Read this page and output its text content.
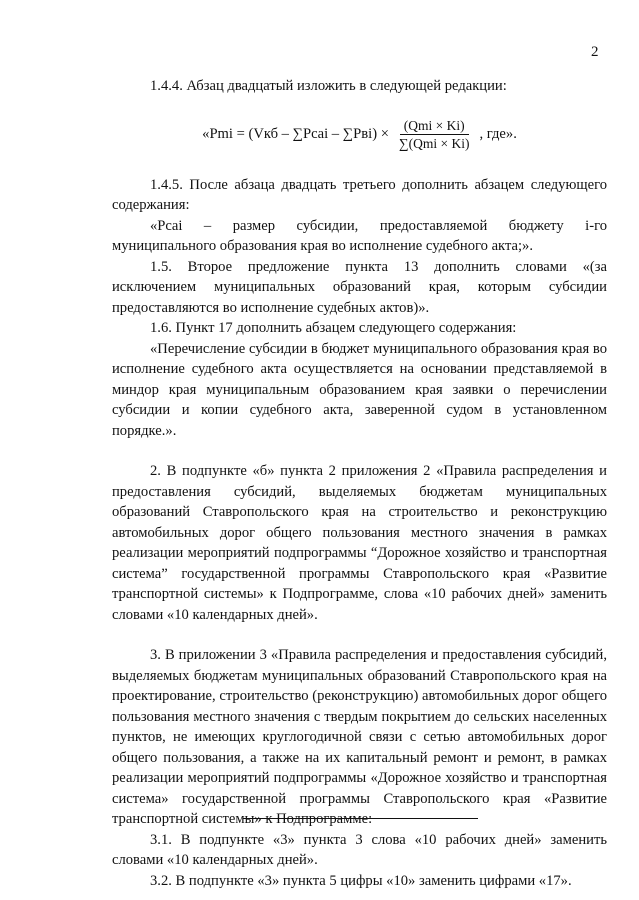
2

1.4.4. Абзац двадцатый изложить в следующей редакции:

«Pmi = (Vкб – ∑Pcai – $\sum Pвi) \times \frac{\text{(Qmi × Ki)}}{\text{∑(Qmi × Ki)}}$ , где».

1.4.5. После абзаца двадцать третьего дополнить абзацем следующего содержания:

«Pcai – размер субсидии, предоставляемой бюджету i-го муниципального образования края во исполнение судебного акта;».

1.5. Второе предложение пункта 13 дополнить словами «(за исключением муниципальных образований края, которым субсидии предоставляются во исполнение судебных актов)».

1.6. Пункт 17 дополнить абзацем следующего содержания:

«Перечисление субсидии в бюджет муниципального образования края во исполнение судебного акта осуществляется на основании представляемой в миндор края муниципальным образованием края заявки о перечислении субсидии и копии судебного акта, заверенной судом в установленном порядке.».

2. В подпункте «б» пункта 2 приложения 2 «Правила распределения и предоставления субсидий, выделяемых бюджетам муниципальных образований Ставропольского края на строительство и реконструкцию автомобильных дорог общего пользования местного значения в рамках реализации мероприятий подпрограммы “Дорожное хозяйство и транспортная система” государственной программы Ставропольского края «Развитие транспортной системы» к Подпрограмме, слова «10 рабочих дней» заменить словами «10 календарных дней».

3. В приложении 3 «Правила распределения и предоставления субсидий, выделяемых бюджетам муниципальных образований Ставропольского края на проектирование, строительство (реконструкцию) автомобильных дорог общего пользования местного значения с твердым покрытием до сельских населенных пунктов, не имеющих круглогодичной связи с сетью автомобильных дорог общего пользования, а также на их капитальный ремонт и ремонт, в рамках реализации мероприятий подпрограммы «Дорожное хозяйство и транспортная система» государственной программы Ставропольского края «Развитие транспортной системы» к Подпрограмме:

3.1. В подпункте «3» пункта 3 слова «10 рабочих дней» заменить словами «10 календарных дней».

3.2. В подпункте «3» пункта 5 цифры «10» заменить цифрами «17».
